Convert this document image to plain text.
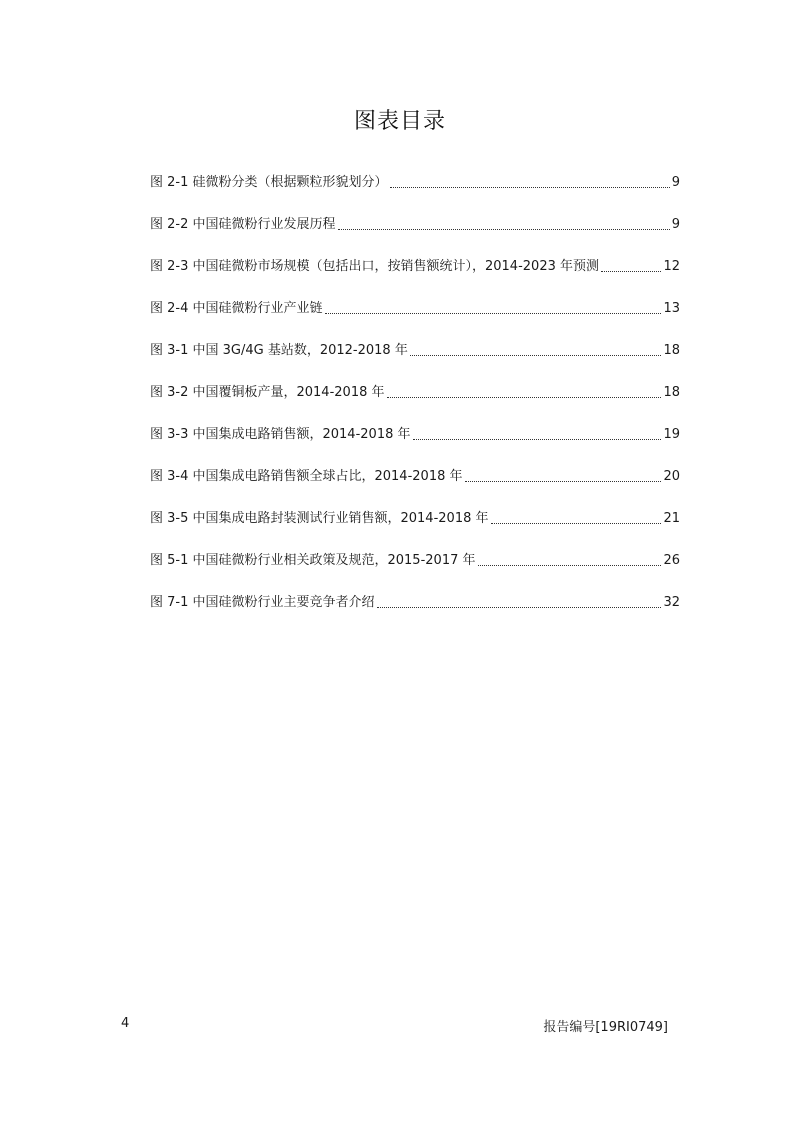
图表目录
图 2-1 硅微粉分类（根据颗粒形貌划分）	9
图 2-2 中国硅微粉行业发展历程	9
图 2-3 中国硅微粉市场规模（包括出口，按销售额统计），2014-2023 年预测	12
图 2-4 中国硅微粉行业产业链	13
图 3-1 中国 3G/4G 基站数，2012-2018 年	18
图 3-2 中国覆铜板产量，2014-2018 年	18
图 3-3 中国集成电路销售额，2014-2018 年	19
图 3-4 中国集成电路销售额全球占比，2014-2018 年	20
图 3-5 中国集成电路封装测试行业销售额，2014-2018 年	21
图 5-1 中国硅微粉行业相关政策及规范，2015-2017 年	26
图 7-1 中国硅微粉行业主要竞争者介绍	32
4	报告编号[19RI0749]
